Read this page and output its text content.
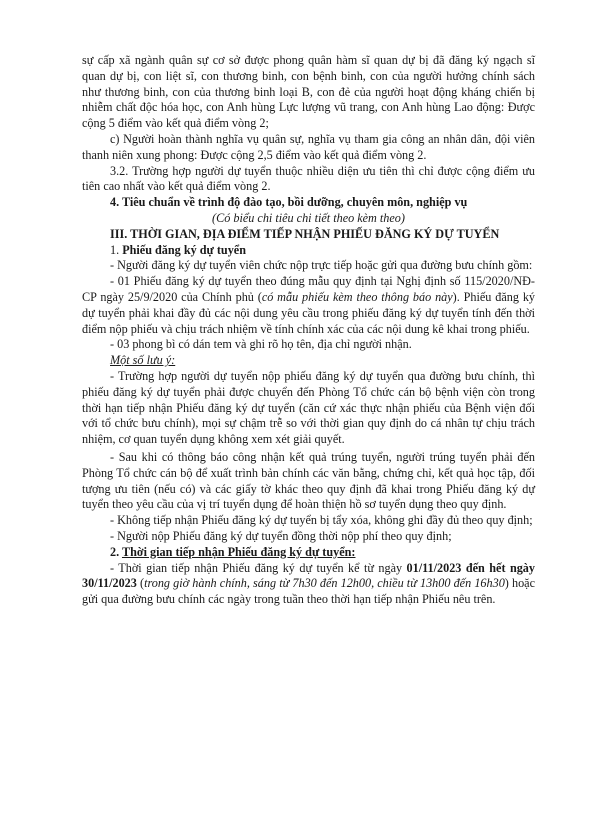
sự cấp xã ngành quân sự cơ sở được phong quân hàm sĩ quan dự bị đã đăng ký ngạch sĩ quan dự bị, con liệt sĩ, con thương binh, con bệnh binh, con của người hưởng chính sách như thương binh, con của thương binh loại B, con đẻ của người hoạt động kháng chiến bị nhiễm chất độc hóa học, con Anh hùng Lực lượng vũ trang, con Anh hùng Lao động: Được cộng 5 điểm vào kết quả điểm vòng 2;

c) Người hoàn thành nghĩa vụ quân sự, nghĩa vụ tham gia công an nhân dân, đội viên thanh niên xung phong: Được cộng 2,5 điểm vào kết quả điểm vòng 2.

3.2. Trường hợp người dự tuyển thuộc nhiều diện ưu tiên thì chỉ được cộng điểm ưu tiên cao nhất vào kết quả điểm vòng 2.

4. Tiêu chuẩn về trình độ đào tạo, bồi dưỡng, chuyên môn, nghiệp vụ

(Có biểu chi tiêu chi tiết theo kèm theo)

III. THỜI GIAN, ĐỊA ĐIỂM TIẾP NHẬN PHIẾU ĐĂNG KÝ DỰ TUYỂN

1. Phiếu đăng ký dự tuyển

- Người đăng ký dự tuyển viên chức nộp trực tiếp hoặc gửi qua đường bưu chính gồm:

- 01 Phiếu đăng ký dự tuyển theo đúng mẫu quy định tại Nghị định số 115/2020/NĐ-CP ngày 25/9/2020 của Chính phủ (có mẫu phiếu kèm theo thông báo này). Phiếu đăng ký dự tuyển phải khai đầy đủ các nội dung yêu cầu trong phiếu đăng ký dự tuyển tính đến thời điểm nộp phiếu và chịu trách nhiệm về tính chính xác của các nội dung kê khai trong phiếu.

- 03 phong bì có dán tem và ghi rõ họ tên, địa chỉ người nhận.

Một số lưu ý:

- Trường hợp người dự tuyển nộp phiếu đăng ký dự tuyển qua đường bưu chính, thì phiếu đăng ký dự tuyển phải được chuyển đến Phòng Tổ chức cán bộ bệnh viện còn trong thời hạn tiếp nhận Phiếu đăng ký dự tuyển (căn cứ xác thực nhận phiếu của Bệnh viện đối với tổ chức bưu chính), mọi sự chậm trễ so với thời gian quy định do cá nhân tự chịu trách nhiệm, cơ quan tuyển dụng không xem xét giải quyết.

- Sau khi có thông báo công nhận kết quả trúng tuyển, người trúng tuyển phải đến Phòng Tổ chức cán bộ để xuất trình bản chính các văn bằng, chứng chỉ, kết quả học tập, đối tượng ưu tiên (nếu có) và các giấy tờ khác theo quy định đã khai trong Phiếu đăng ký dự tuyển theo yêu cầu của vị trí tuyển dụng để hoàn thiện hồ sơ tuyển dụng theo quy định.

- Không tiếp nhận Phiếu đăng ký dự tuyển bị tẩy xóa, không ghi đầy đủ theo quy định;

- Người nộp Phiếu đăng ký dự tuyển đồng thời nộp phí theo quy định;

2. Thời gian tiếp nhận Phiếu đăng ký dự tuyển:

- Thời gian tiếp nhận Phiếu đăng ký dự tuyển kể từ ngày 01/11/2023 đến hết ngày 30/11/2023 (trong giờ hành chính, sáng từ 7h30 đến 12h00, chiều từ 13h00 đến 16h30) hoặc gửi qua đường bưu chính các ngày trong tuần theo thời hạn tiếp nhận Phiếu nêu trên.
